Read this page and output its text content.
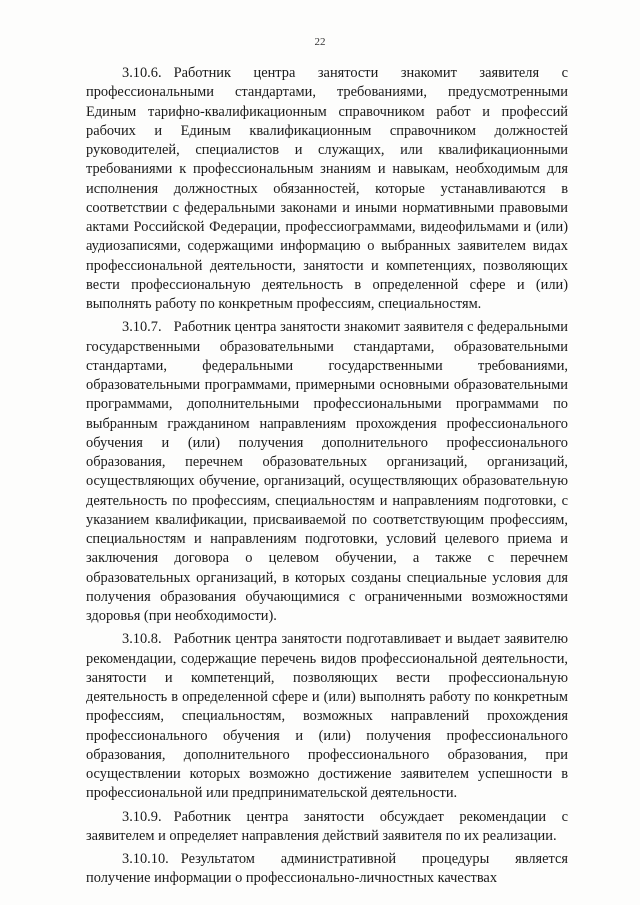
22

3.10.6. Работник центра занятости знакомит заявителя с профессиональными стандартами, требованиями, предусмотренными Единым тарифно-квалификационным справочником работ и профессий рабочих и Единым квалификационным справочником должностей руководителей, специалистов и служащих, или квалификационными требованиями к профессиональным знаниям и навыкам, необходимым для исполнения должностных обязанностей, которые устанавливаются в соответствии с федеральными законами и иными нормативными правовыми актами Российской Федерации, профессиограммами, видеофильмами и (или) аудиозаписями, содержащими информацию о выбранных заявителем видах профессиональной деятельности, занятости и компетенциях, позволяющих вести профессиональную деятельность в определенной сфере и (или) выполнять работу по конкретным профессиям, специальностям.

3.10.7. Работник центра занятости знакомит заявителя с федеральными государственными образовательными стандартами, образовательными стандартами, федеральными государственными требованиями, образовательными программами, примерными основными образовательными программами, дополнительными профессиональными программами по выбранным гражданином направлениям прохождения профессионального обучения и (или) получения дополнительного профессионального образования, перечнем образовательных организаций, организаций, осуществляющих обучение, организаций, осуществляющих образовательную деятельность по профессиям, специальностям и направлениям подготовки, с указанием квалификации, присваиваемой по соответствующим профессиям, специальностям и направлениям подготовки, условий целевого приема и заключения договора о целевом обучении, а также с перечнем образовательных организаций, в которых созданы специальные условия для получения образования обучающимися с ограниченными возможностями здоровья (при необходимости).

3.10.8. Работник центра занятости подготавливает и выдает заявителю рекомендации, содержащие перечень видов профессиональной деятельности, занятости и компетенций, позволяющих вести профессиональную деятельность в определенной сфере и (или) выполнять работу по конкретным профессиям, специальностям, возможных направлений прохождения профессионального обучения и (или) получения профессионального образования, дополнительного профессионального образования, при осуществлении которых возможно достижение заявителем успешности в профессиональной или предпринимательской деятельности.

3.10.9. Работник центра занятости обсуждает рекомендации с заявителем и определяет направления действий заявителя по их реализации.

3.10.10. Результатом административной процедуры является получение информации о профессионально-личностных качествах
